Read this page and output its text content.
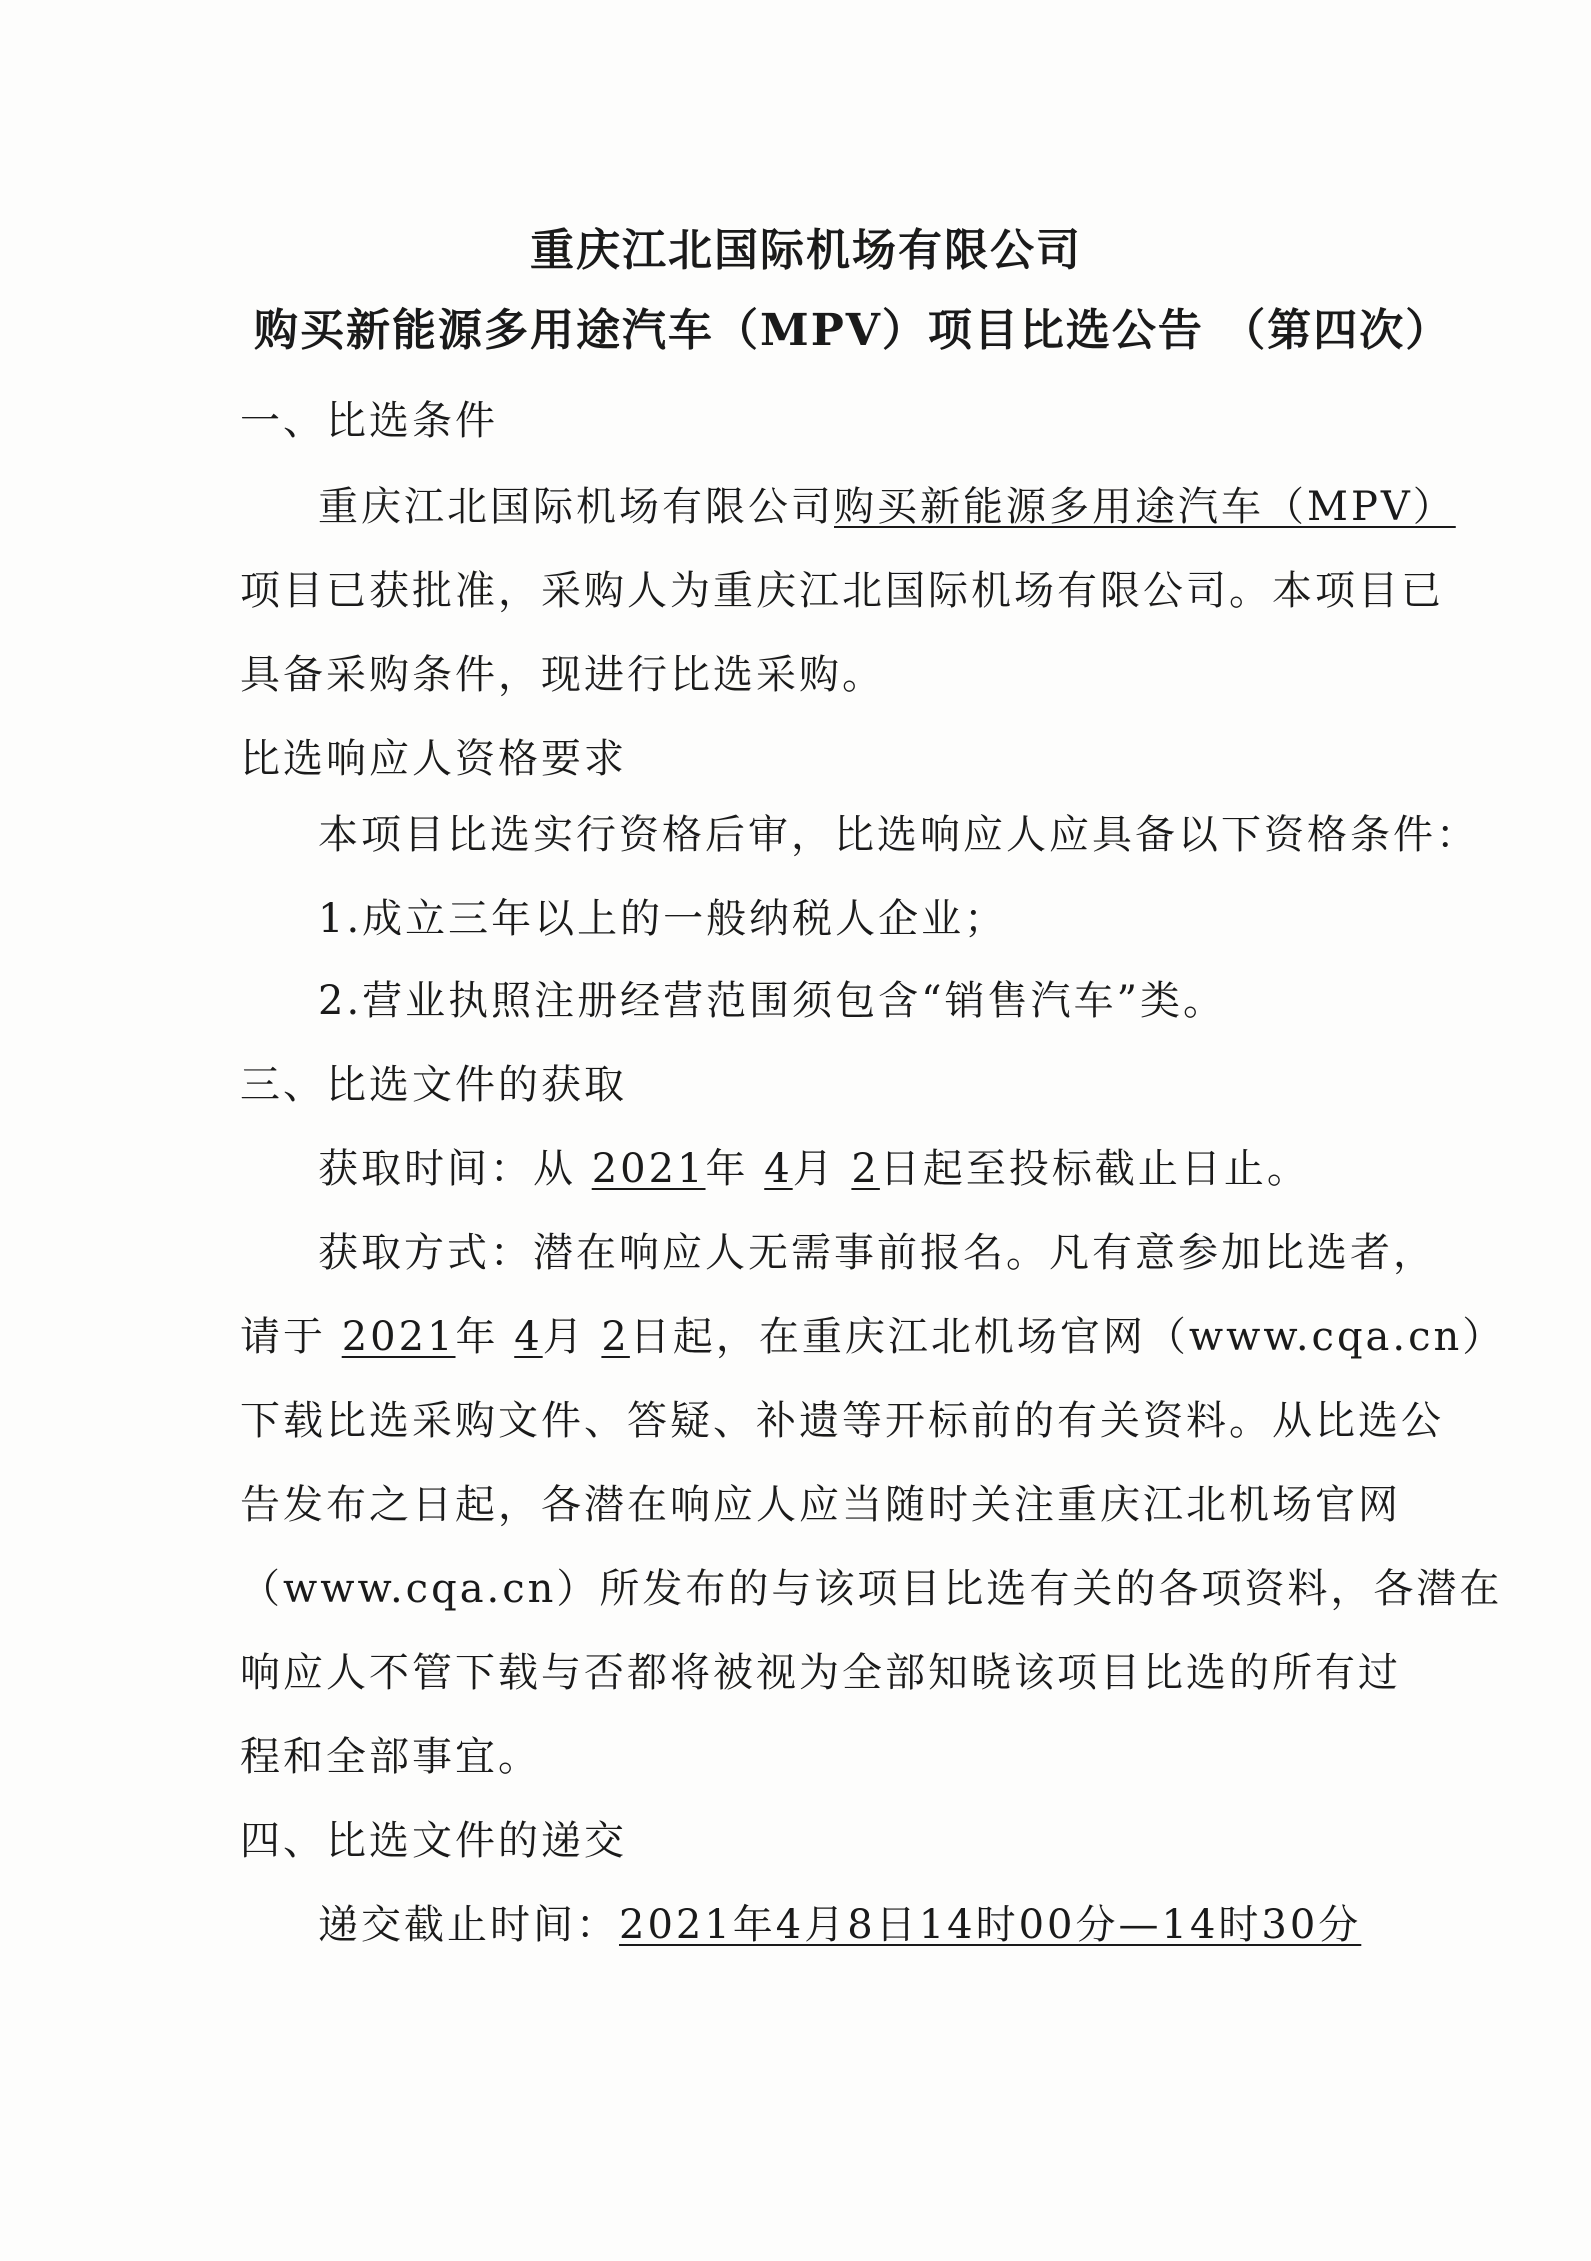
重庆江北国际机场有限公司
购买新能源多用途汽车（MPV）项目比选公告 （第四次）
一、比选条件
重庆江北国际机场有限公司购买新能源多用途汽车（MPV）
项目已获批准，采购人为重庆江北国际机场有限公司。本项目已
具备采购条件，现进行比选采购。
比选响应人资格要求
本项目比选实行资格后审，比选响应人应具备以下资格条件：
1.成立三年以上的一般纳税人企业；
2.营业执照注册经营范围须包含“销售汽车”类。
三、比选文件的获取
获取时间：从 2021年 4月 2日起至投标截止日止。
获取方式：潜在响应人无需事前报名。凡有意参加比选者，
请于 2021年 4月 2日起，在重庆江北机场官网（www.cqa.cn）
下载比选采购文件、答疑、补遗等开标前的有关资料。从比选公
告发布之日起，各潜在响应人应当随时关注重庆江北机场官网
（www.cqa.cn）所发布的与该项目比选有关的各项资料，各潜在
响应人不管下载与否都将被视为全部知晓该项目比选的所有过
程和全部事宜。
四、比选文件的递交
递交截止时间：2021年4月8日14时00分—14时30分
